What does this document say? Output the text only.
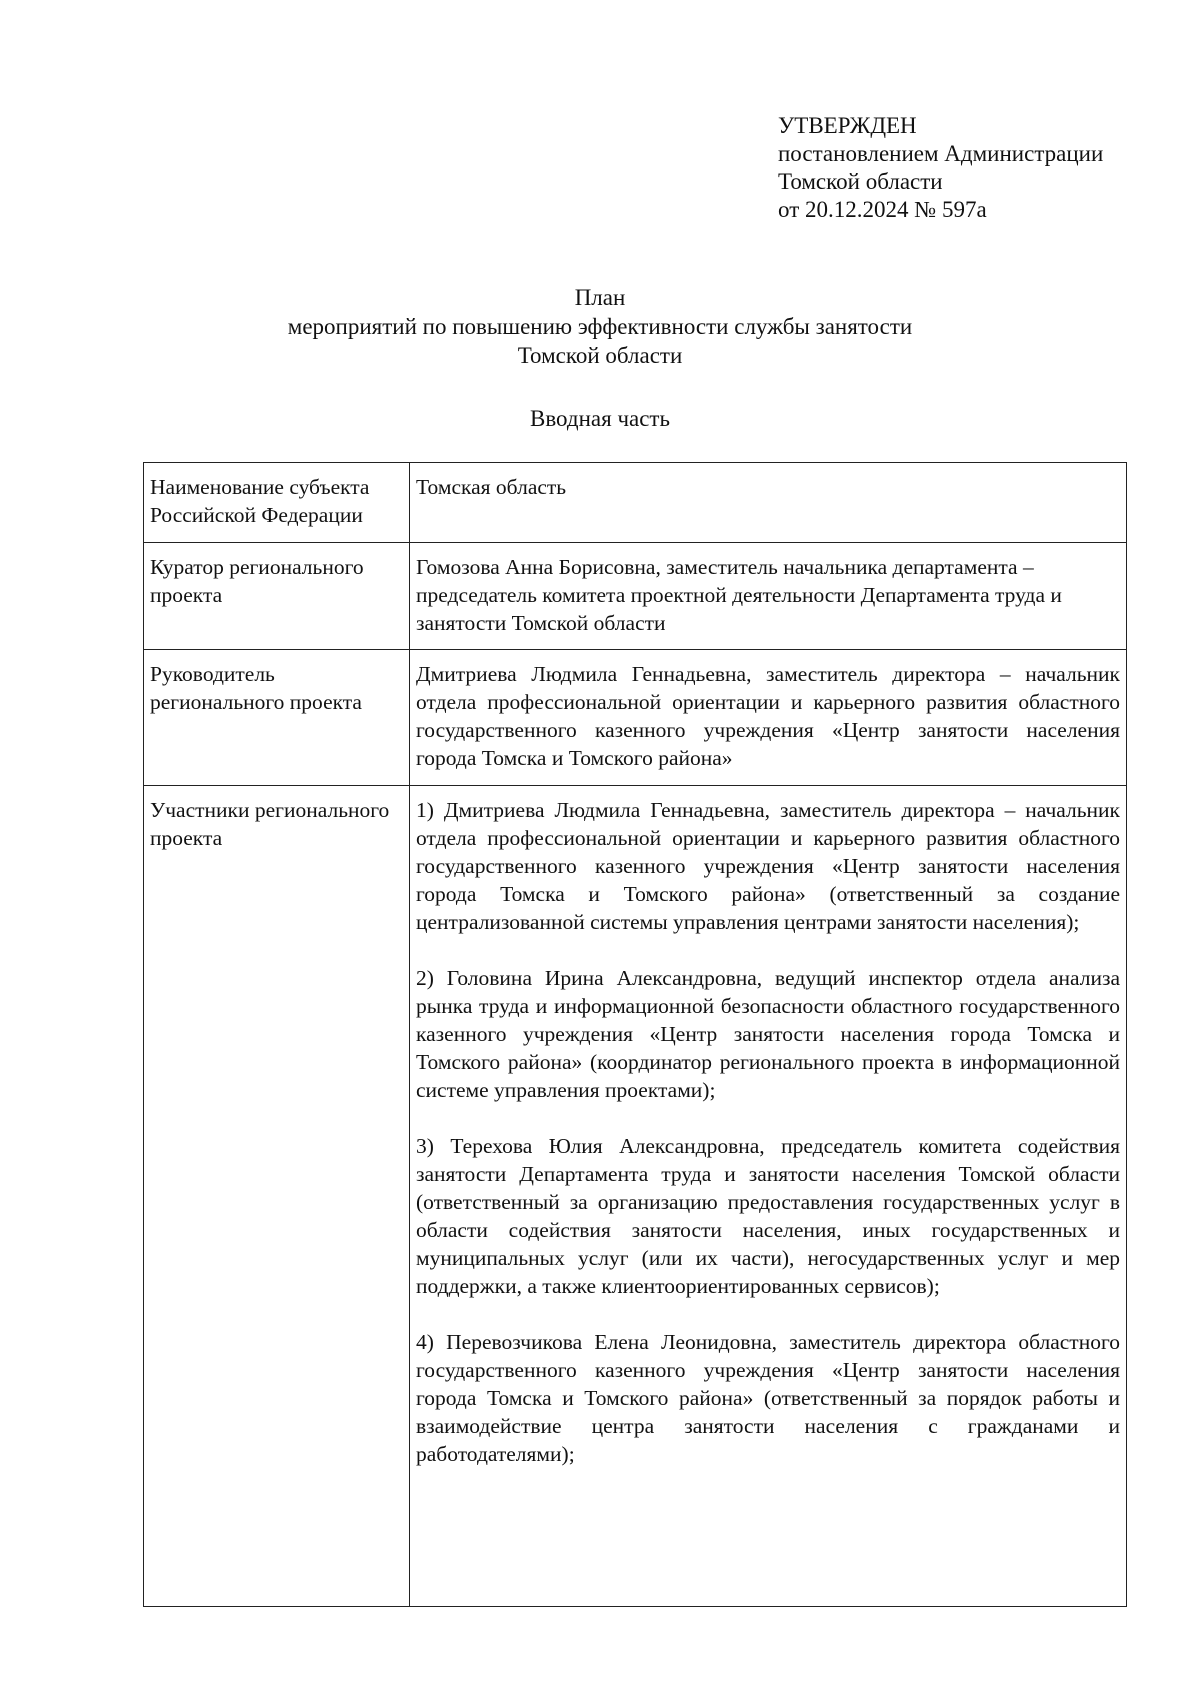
УТВЕРЖДЕН
постановлением Администрации
Томской области
от 20.12.2024 № 597а
План
мероприятий по повышению эффективности службы занятости
Томской области
Вводная часть
Наименование субъекта Российской Федерации	Томская область
Куратор регионального проекта	Гомозова Анна Борисовна, заместитель начальника департамента – председатель комитета проектной деятельности Департамента труда и занятости Томской области
Руководитель регионального проекта	Дмитриева Людмила Геннадьевна, заместитель директора – начальник отдела профессиональной ориентации и карьерного развития областного государственного казенного учреждения «Центр занятости населения города Томска и Томского района»
Участники регионального проекта	1) Дмитриева Людмила Геннадьевна, заместитель директора – начальник отдела профессиональной ориентации и карьерного развития областного государственного казенного учреждения «Центр занятости населения города Томска и Томского района» (ответственный за создание централизованной системы управления центрами занятости населения);

2) Головина Ирина Александровна, ведущий инспектор отдела анализа рынка труда и информационной безопасности областного государственного казенного учреждения «Центр занятости населения города Томска и Томского района» (координатор регионального проекта в информационной системе управления проектами);

3) Терехова Юлия Александровна, председатель комитета содействия занятости Департамента труда и занятости населения Томской области (ответственный за организацию предоставления государственных услуг в области содействия занятости населения, иных государственных и муниципальных услуг (или их части), негосударственных услуг и мер поддержки, а также клиентоориентированных сервисов);

4) Перевозчикова Елена Леонидовна, заместитель директора областного государственного казенного учреждения «Центр занятости населения города Томска и Томского района» (ответственный за порядок работы и взаимодействие центра занятости населения с гражданами и работодателями);
